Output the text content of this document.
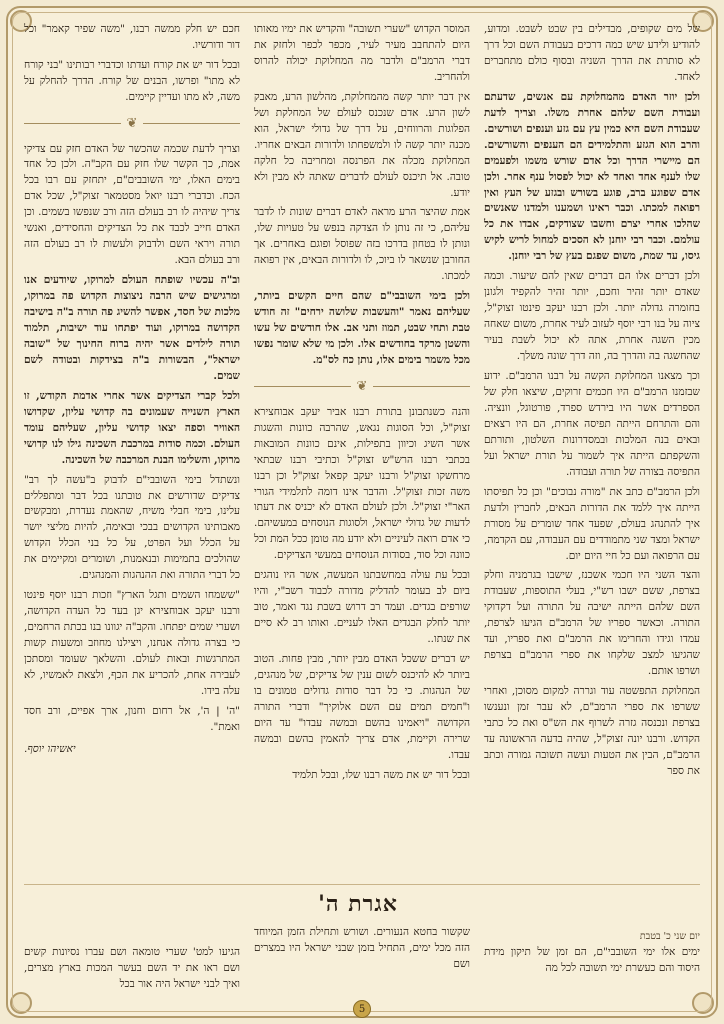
של מים שקופים, מבדילים בין שבט לשבט. ומדוע, להודיע ולידע שיש כמה דרכים בעבודת השם וכל דרך לא סותרת את הדרך השניה ובסוף כולם מתחברים לאחד.

ולכן יוזר האדם מהמחלוקת עם אנשים, שדעתם ועבודת השם שלהם אחרת משלו. וצריך לדעת שעבודת השם היא כמין עץ עם גזע וענפים ושורשים. והרב הוא הגזע והתלמידים הם הענפים והשורשים. הם מיישרי הדרך וכל אדם שורש משמו ולפעמים שלו לענף אחד ואחד לא יכול לפסול ענף אחר. ולכן אדם שפוגע ברב, פוגע בשורש ובגזע של העץ ואין רפואה למכתו. וכבר ראינו ושמענו ולמדנו שאנשים שהלכו אחרי יצרם וחשבו שצודקים, אבדו את כל עולמם. וכבר רבי יוחנן לא הסכים למחול לריש לקיש גיסו, עד שמת, משום שפגם בעץ של רבי יוחנן.

ולכן דברים אלו הם דברים שאין להם שיעור. וכמה שאדם יותר זהיר וחכם, יותר זהיר להקפיד ולגונן בחומרה גדולה יותר. ולכן רבנו יעקב פינטו זצוק"ל, ציוה על בנו רבי יוסף לעזוב לעיר אחרת, משום שאחה מכין השגה אחרת, אתה לא יכול לשבת בעיר שהחשגה בה והדרך בה, וזה דרך שונה משלך.

וכך מצאנו המחלוקת הקשה על רבנו הרמב"ם. ידוע שבזמנו הרמב"ם היו חכמים זרוקים, שיצאו חלק של הספרדים אשר היו בירדש ספרד, פורטוגל, וונציה. והם והתרחם הייתה תפיסה אחרת, הם היו רצאים ובאים בנה המלכות ובמסדרונות השלטון, ותורתם והשקפתם הייתה איך לשמור על תורת ישראל ועל התפיסה בצורה של תורה ועבודה.

ולכן הרמב"ם כתב את "מורה נבוכים" וכן כל תפיסתו הייתה איך ללמד את הדורות הבאים, לחברין ולדעת איך להתנהג בעולם, שפעד אחד שומרים על מסורת ישראל ומצד שני מתמודדים עם העבודה, עם הקדמה, עם הרפואה ועם כל חיי היום יום.

והצד השני היו חכמי אשכנז, שישבו בגרמניה וחלק בצרפת, ששם ישבו רש"י, בעלי התוספות, שעבודת השם שלהם הייתה ישיבה על התורה ועל דקדוקי התורה. וכאשר ספריו של הרמב"ם הגיעו לצרפת, עמדו וגידו והחרימו את הרמב"ם ואת ספריו, ועד שהגיעו למצב שלקחו את ספרי הרמב"ם בצרפת ושרפו אותם.

המחלוקת התפשטה עוד וגררה למקום מסוכן, ואחרי ששרפו את ספרי הרמב"ם, לא עבר זמן ונענשו בצרפת ונכנסה גזרה לשרוף את הש"ס ואת כל כתבי הקדוש. ורבנו יונה זצוק"ל, שהיה בדעה הראשונה עד הרמב"ם, הבין את הטעות ועשה תשובה גמורה וכתב את ספר

המוסר הקדוש "שערי תשובה" והקדיש את ימיו מאותו היום להתחבב מעיר לעיר, מכפר לכפר ולחזק את דברי הרמב"ם ולדבר מה המחלוקת יכולה להרוס ולהחריב.

אין דבר יותר קשה מהמחלוקת, מהלשון הרע, מאבק לשון הרע. אדם שנכנס לעולם של המחלקת ושל הפלוגות והרווחים, על דרך של גדולי ישראל, הוא מכנה יותר קשה לו ולמשפחתו ולדורות הבאים אחריו. המחלוקת מכלה את הפרנסה ומחריבה כל חלקה טובה. אל תיכנס לעולם לדברים שאתה לא מבין ולא יודע.

אמת שהיצר הרע מראה לאדם דברים שונות לו לדבר עליהם, כי זה נותן לו הצדקה בנפש על טעויות שלו, ונותן לו בטחון בדרכו בזה שפוסל ופוגם באחרים. אך החורבן שנשאר לו ביוכ, לו ולדורות הבאים, אין רפואה למכתו.

ולכן בימי השובבי"ם שהם חיים הקשים ביותר, שעליהם נאמר "והעשבות שלושה ירחים" זה חודש טבת ותחי שבט, תמוז ותני אב. אלו חודשים של עשו והשטן מרקד בחודשים אלו. ולכן מי שלא שומר נפשו מכל משמר בימים אלו, נותן כח לס"מ.

❦

והנה כשנתבונן בתורת רבנו אביר יעקב אבוחצירא זצוק"ל, וכל הסוגות נגאש, שהרבה כוונות והשגות אשר השיג וכיוון בתפילות, אינם כוונות המובאות בכתבי רבנו הרש"ש זצוק"ל וכתיבי רבנו שבתאי מרחשקו זצוק"ל ורבנו יעקב קפאל זצוק"ל וכן רבנו משה זכות זצוק"ל. והדבר אינו דומה לתלמידי הגורי האר"י זצוק"ל. ולכן לעולם האדם לא יכניס את דעתו לדעות של גדולי ישראל, ולסוגות הנוסחים במעשיהם. כי אדם רואה לעיניים ולא יודע מה טומן ככל המת וכל כוונה וכל סוד, בסודות הנוסחים במעשי הצדיקים.

ובכל עת עולה במחשבתנו המעשה, אשר היו נוהגים ביום לב בעומר להדליק מדורה לכבוד רשב"י, והיו שורפים בגדים. ועמד רב דרוש בשבת נגד ואמר, טוב יותר לחלק הבגדים האלו לעניים. ואותו רב לא סיים את שנתו..

יש דברים ששכל האדם מבין יותר, מבין פחות. הטוב ביותר לא להיכנס לשום ענין של צדיקים, של מנהגים, של הנהגות. כי כל דבר סודות גדולים טמונים בו ו"חמים תמים עם השם אלוקיך" ודברי התורה הקדושה "ויאמינו בהשם ובמשה עבדו" עד היום שרירה וקיימת, אדם צריך להאמין בהשם ובמשה עבדו.

ובכל דור יש את משה רבנו שלו, ובכל תלמיד

חכם יש חלק ממשה רבנו, "משה שפיר קאמר" וכל דור ודורשיו.

ובכל דור יש את קורח ועדתו וכדברי רבותינו "בני קורח לא מתו" ופרשו, הבנים של קורח. הדרך להחלק על משה, לא מתו ועדיין קיימים.

❦

וצריך לדעת שכמה שהכשר של האדם חזק עם צדיקי אמת, כך הקשר שלו חזק עם הקב"ה. ולכן כל אחד בימים האלו, ימי השובבים"ם, יתחזק עם רבו בכל הכח. וכדברי רבנו יואל מסטמאר זצוק"ל, שכל אדם צריך שיהיה לו רב בעולם הזה ורב שנפשו בשמים. וכן האדם חייב לכבד את כל הצדיקים והחסידים, ואנשי תורה ויראי השם ולדבוק ולעשות לו רב בעולם הזה ורב בעולם הבא.

וב"ה עכשיו שופתח העולם למרוקו, שיודעים אנו ומרגישים שיש הרבה ניצוצות הקדוש פה במרוקו, מלכות של חסד, אפשר להשיג פה תורה ב"ה בישיבה הקדושה במרוקו, ועוד יפתחו עוד ישיבות, תלמוד תורה לילדים אשר יהיה ברוח החינוך של "שובה ישראל", הבשורות ב"ה בצידקות ובטודה לשם שמים.

ולכל קברי הצדיקים אשר אחרי אדמת הקודש, זו הארץ השנייה שעמונים בה קדושי עליון, שקדושו האוויר וספה יצאו קדושי עליון, שעליהם עומד העולם. וכמה סודות במרכבת השכינה גילו לנו קדושי מרוקו, והשלימו הבנת המרכבה של השכינה.

ונשתדל בימי השובבי"ם לדבוק ב"עשה לך רב" צדיקים שדורשים את טובתנו בכל דבר ומתפללים עלינו, בימי חבלי משיח, שהאמת נעדרת, ומבקשים מאבותינו הקדושים בבכי ובאימה, להיות מליצי יושר על הכלל ועל הפרט, על כל בני הכלל הקדוש שהולכים בתמימות ובנאמנות, ושומרים ומקיימים את כל דברי התורה ואת ההנהגות והמנהגים.

"ששמחו השמים ותגל הארץ" וזכות רבנו יוסף פינטו ורבנו יעקב אבוחצירא יגן בעד כל העדה הקדושה, ושערי שמים יפתחו. והקב"ה יגוונו בנו בכתת הרחמים, כי בצרה גדולה אנחנו, ויצילנו מחוזב ומשעות קשות המתרגשות ובאות לעולם. והשלאך שעומד ומסתכן לעבירה אחת, להכריע את הכף, ולצאת לאמשיו, לא עלה בידו.

"ה' | ה', אל רחום וחנון, ארך אפיים, ורב חסד ואמת".

יאשיהו יוסף.

אגרת ה'
יום שני כ' בטבת
ימים אלו ימי השובבי"ם, הם זמן של תיקון מידת היסוד והם כעשרת ימי תשובה לכל מה
שקשור בחטא הנעורים. ושורש ותחילת הזמן המיוחד הזה מכל ימים, התחיל בזמן שבני ישראל היו במצרים ושם
הגיעו למט' שערי טומאה ושם עברו נסיונות קשים ושם ראו את יד השם בעשר המכות בארץ מצרים, ואיך לבני ישראל היה אור בכל
5
